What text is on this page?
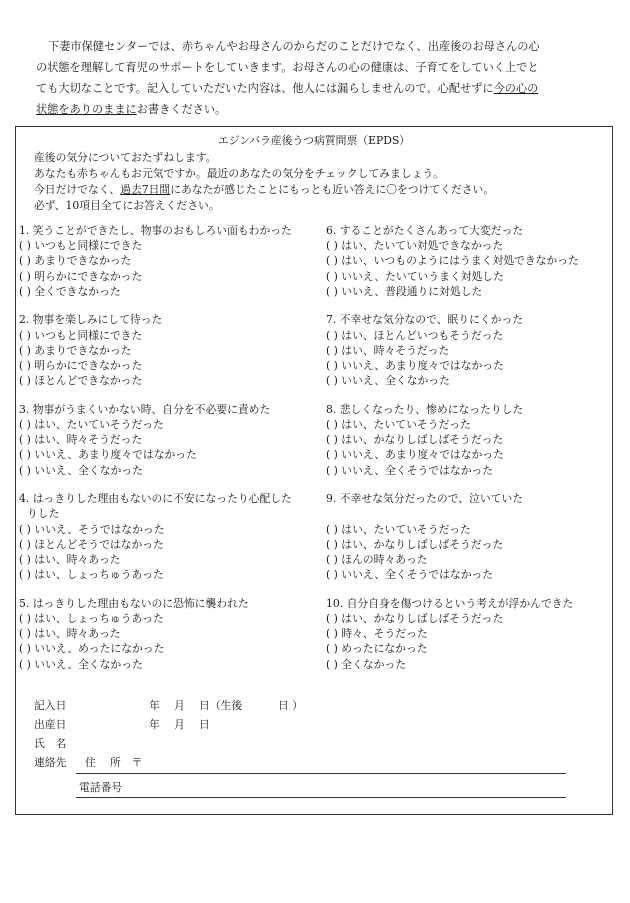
下妻市保健センターでは、赤ちゃんやお母さんのからだのことだけでなく、出産後のお母さんの心
の状態を理解して育児のサポートをしていきます。お母さんの心の健康は、子育てをしていく上でと
ても大切なことです。記入していただいた内容は、他人には漏らしませんので、心配せずに今の心の
状態をありのままにお書きください。
エジンバラ産後うつ病質問票（EPDS）
産後の気分についておたずねします。
あなたも赤ちゃんもお元気ですか。最近のあなたの気分をチェックしてみましょう。
今日だけでなく、過去7日間にあなたが感じたことにもっとも近い答えに〇をつけてください。
必ず、10項目全てにお答えください。
1. 笑うことができたし、物事のおもしろい面もわかった
( ) いつもと同様にできた
( ) あまりできなかった
( ) 明らかにできなかった
( ) 全くできなかった
2. 物事を楽しみにして待った
( ) いつもと同様にできた
( ) あまりできなかった
( ) 明らかにできなかった
( ) ほとんどできなかった
3. 物事がうまくいかない時、自分を不必要に責めた
( ) はい、たいていそうだった
( ) はい、時々そうだった
( ) いいえ、あまり度々ではなかった
( ) いいえ、全くなかった
4. はっきりした理由もないのに不安になったり心配した
りした
( ) いいえ、そうではなかった
( ) ほとんどそうではなかった
( ) はい、時々あった
( ) はい、しょっちゅうあった
5. はっきりした理由もないのに恐怖に襲われた
( ) はい、しょっちゅうあった
( ) はい、時々あった
( ) いいえ、めったになかった
( ) いいえ、全くなかった
6. することがたくさんあって大変だった
( ) はい、たいてい対処できなかった
( ) はい、いつものようにはうまく対処できなかった
( ) いいえ、たいていうまく対処した
( ) いいえ、普段通りに対処した
7. 不幸せな気分なので、眠りにくかった
( ) はい、ほとんどいつもそうだった
( ) はい、時々そうだった
( ) いいえ、あまり度々ではなかった
( ) いいえ、全くなかった
8. 悲しくなったり、惨めになったりした
( ) はい、たいていそうだった
( ) はい、かなりしばしばそうだった
( ) いいえ、あまり度々ではなかった
( ) いいえ、全くそうではなかった
9. 不幸せな気分だったので、泣いていた
( ) はい、たいていそうだった
( ) はい、かなりしばしばそうだった
( ) ほんの時々あった
( ) いいえ、全くそうではなかった
10. 自分自身を傷つけるという考えが浮かんできた
( ) はい、かなりしばしばそうだった
( ) 時々、そうだった
( ) めったになかった
( ) 全くなかった
記入日	年　 月　 日（生後　　　 日 ）
出産日	年　 月　 日
氏　名
連絡先 住　 所　〒
電話番号
